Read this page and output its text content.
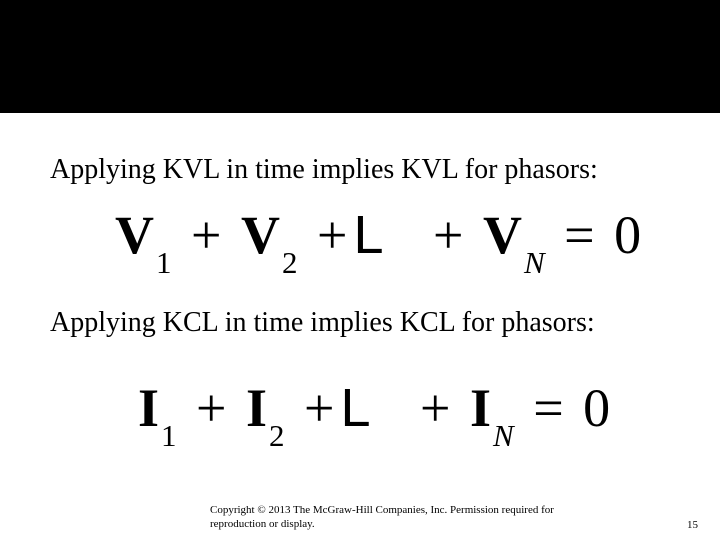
Kirchhoff’s Laws for Phasors
Applying KVL in time implies KVL for phasors:
V1 + V2 + L + VN = 0
Applying KCL in time implies KCL for phasors:
I1 + I2 + L + IN = 0
Copyright © 2013 The McGraw-Hill Companies, Inc. Permission required for reproduction or display.	15
